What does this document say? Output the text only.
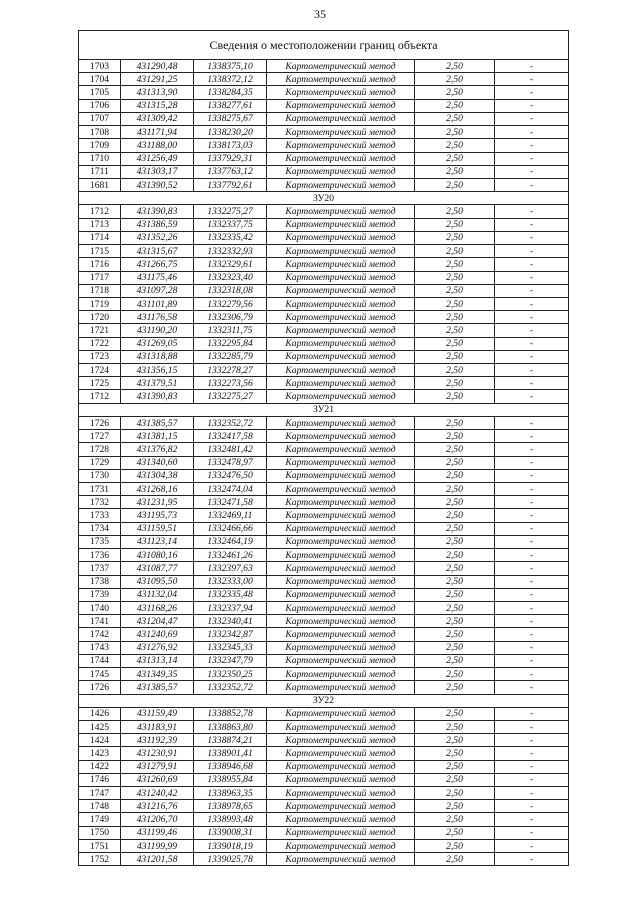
35
Сведения о местоположении границ объекта					
1703	431290,48	1338375,10	Картометрический метод	2,50	-
1704	431291,25	1338372,12	Картометрический метод	2,50	-
1705	431313,90	1338284,35	Картометрический метод	2,50	-
1706	431315,28	1338277,61	Картометрический метод	2,50	-
1707	431309,42	1338275,67	Картометрический метод	2,50	-
1708	431171,94	1338230,20	Картометрический метод	2,50	-
1709	431188,00	1338173,03	Картометрический метод	2,50	-
1710	431256,49	1337929,31	Картометрический метод	2,50	-
1711	431303,17	1337763,12	Картометрический метод	2,50	-
1681	431390,52	1337792,61	Картометрический метод	2,50	-
ЗУ20					
1712	431390,83	1332275,27	Картометрический метод	2,50	-
1713	431386,59	1332337,75	Картометрический метод	2,50	-
1714	431352,26	1332335,42	Картометрический метод	2,50	-
1715	431315,67	1332332,93	Картометрический метод	2,50	-
1716	431266,75	1332329,61	Картометрический метод	2,50	-
1717	431175,46	1332323,40	Картометрический метод	2,50	-
1718	431097,28	1332318,08	Картометрический метод	2,50	-
1719	431101,89	1332279,56	Картометрический метод	2,50	-
1720	431176,58	1332306,79	Картометрический метод	2,50	-
1721	431190,20	1332311,75	Картометрический метод	2,50	-
1722	431269,05	1332295,84	Картометрический метод	2,50	-
1723	431318,88	1332285,79	Картометрический метод	2,50	-
1724	431356,15	1332278,27	Картометрический метод	2,50	-
1725	431379,51	1332273,56	Картометрический метод	2,50	-
1712	431390,83	1332275,27	Картометрический метод	2,50	-
ЗУ21					
1726	431385,57	1332352,72	Картометрический метод	2,50	-
1727	431381,15	1332417,58	Картометрический метод	2,50	-
1728	431376,82	1332481,42	Картометрический метод	2,50	-
1729	431340,60	1332478,97	Картометрический метод	2,50	-
1730	431304,38	1332476,50	Картометрический метод	2,50	-
1731	431268,16	1332474,04	Картометрический метод	2,50	-
1732	431231,95	1332471,58	Картометрический метод	2,50	-
1733	431195,73	1332469,11	Картометрический метод	2,50	-
1734	431159,51	1332466,66	Картометрический метод	2,50	-
1735	431123,14	1332464,19	Картометрический метод	2,50	-
1736	431080,16	1332461,26	Картометрический метод	2,50	-
1737	431087,77	1332397,63	Картометрический метод	2,50	-
1738	431095,50	1332333,00	Картометрический метод	2,50	-
1739	431132,04	1332335,48	Картометрический метод	2,50	-
1740	431168,26	1332337,94	Картометрический метод	2,50	-
1741	431204,47	1332340,41	Картометрический метод	2,50	-
1742	431240,69	1332342,87	Картометрический метод	2,50	-
1743	431276,92	1332345,33	Картометрический метод	2,50	-
1744	431313,14	1332347,79	Картометрический метод	2,50	-
1745	431349,35	1332350,25	Картометрический метод	2,50	-
1726	431385,57	1332352,72	Картометрический метод	2,50	-
ЗУ22					
1426	431159,49	1338852,78	Картометрический метод	2,50	-
1425	431183,91	1338863,80	Картометрический метод	2,50	-
1424	431192,39	1338874,21	Картометрический метод	2,50	-
1423	431230,91	1338901,41	Картометрический метод	2,50	-
1422	431279,91	1338946,68	Картометрический метод	2,50	-
1746	431260,69	1338955,84	Картометрический метод	2,50	-
1747	431240,42	1338963,35	Картометрический метод	2,50	-
1748	431216,76	1338978,65	Картометрический метод	2,50	-
1749	431206,70	1338993,48	Картометрический метод	2,50	-
1750	431199,46	1339008,31	Картометрический метод	2,50	-
1751	431199,99	1339018,19	Картометрический метод	2,50	-
1752	431201,58	1339025,78	Картометрический метод	2,50	-
